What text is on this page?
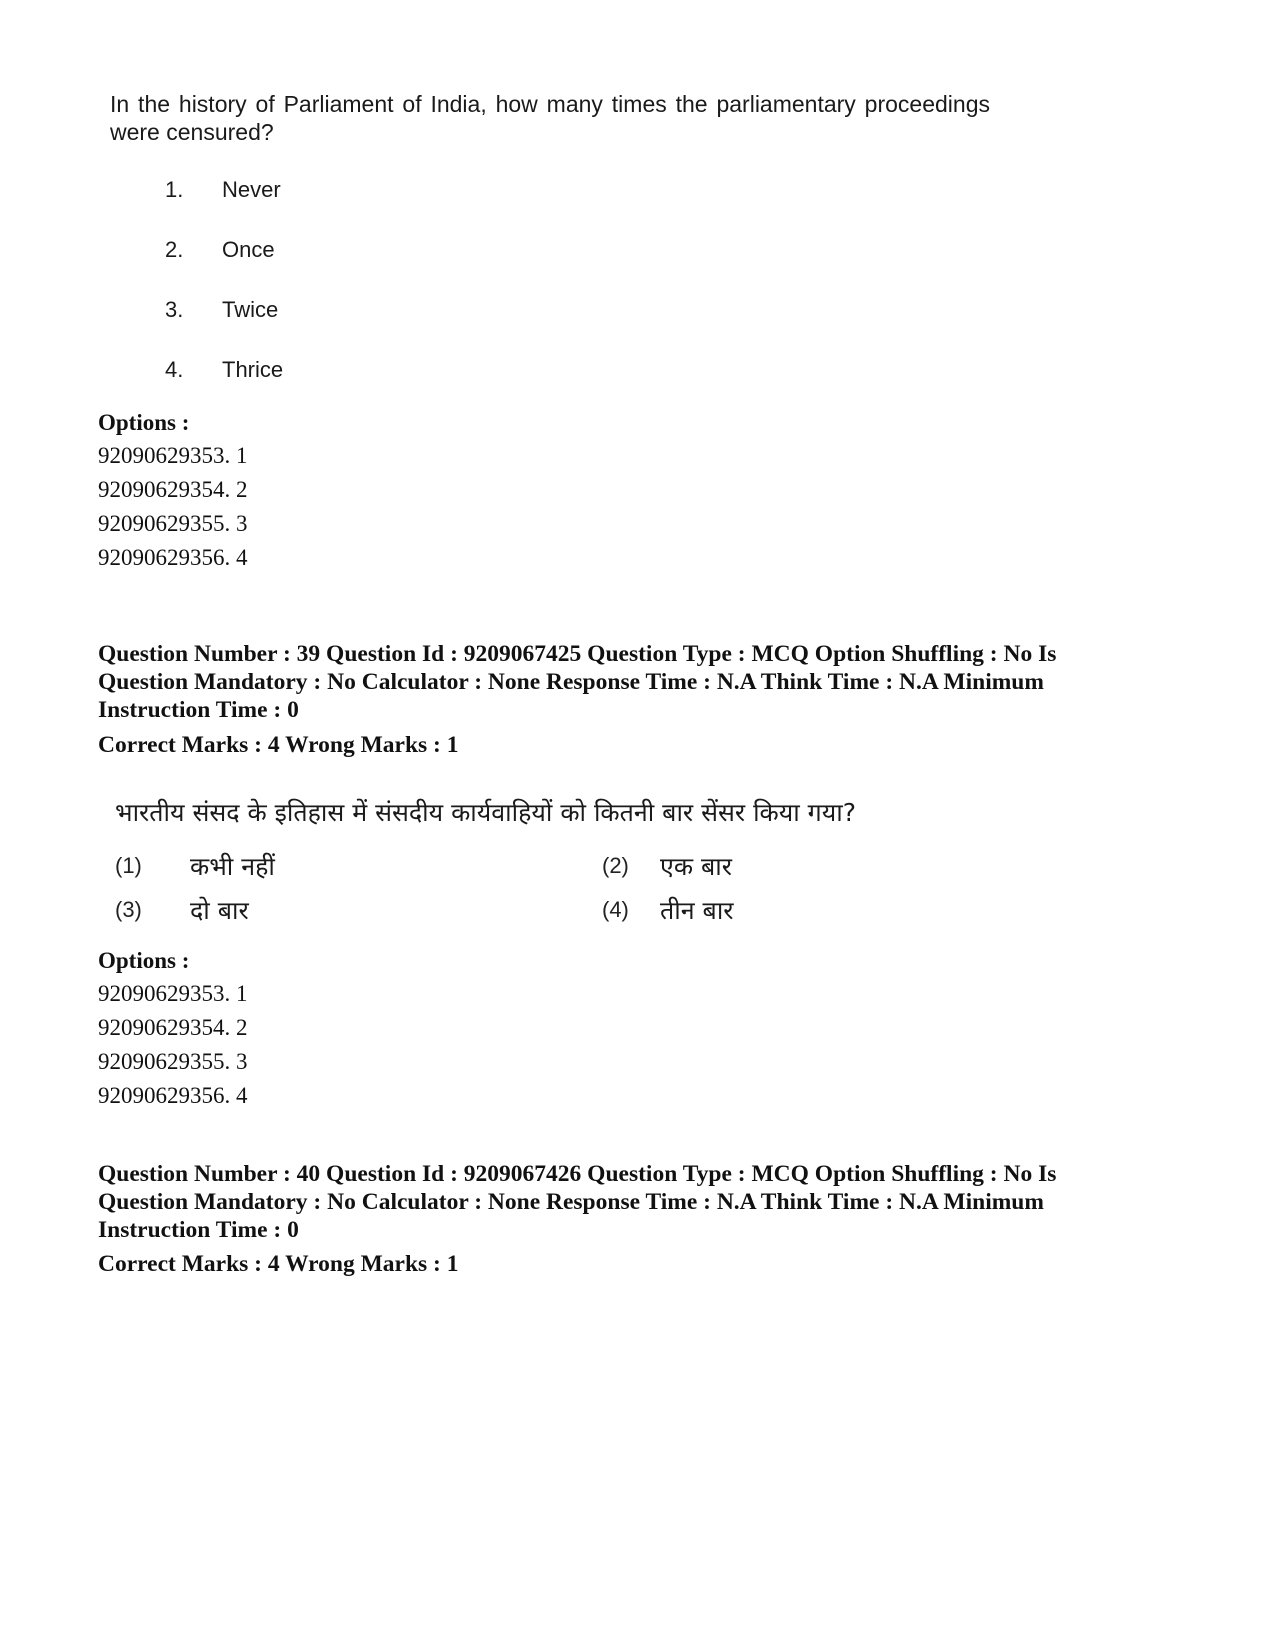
In the history of Parliament of India, how many times the parliamentary proceedings were censured?
1. Never
2. Once
3. Twice
4. Thrice
Options :
92090629353. 1
92090629354. 2
92090629355. 3
92090629356. 4
Question Number : 39 Question Id : 9209067425 Question Type : MCQ Option Shuffling : No Is
Question Mandatory : No Calculator : None Response Time : N.A Think Time : N.A Minimum
Instruction Time : 0
Correct Marks : 4 Wrong Marks : 1
भारतीय संसद के इतिहास में संसदीय कार्यवाहियों को कितनी बार सेंसर किया गया?
(1) कभी नहीं	(2) एक बार
(3) दो बार	(4) तीन बार
Options :
92090629353. 1
92090629354. 2
92090629355. 3
92090629356. 4
Question Number : 40 Question Id : 9209067426 Question Type : MCQ Option Shuffling : No Is
Question Mandatory : No Calculator : None Response Time : N.A Think Time : N.A Minimum
Instruction Time : 0
Correct Marks : 4 Wrong Marks : 1
